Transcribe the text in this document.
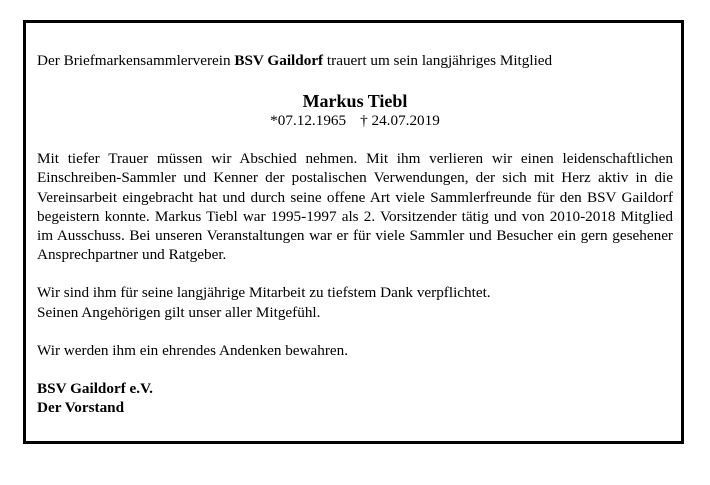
Der Briefmarkensammlerverein BSV Gaildorf trauert um sein langjähriges Mitglied

Markus Tiebl

*07.12.1965 † 24.07.2019

Mit tiefer Trauer müssen wir Abschied nehmen. Mit ihm verlieren wir einen leidenschaftlichen Einschreiben-Sammler und Kenner der postalischen Verwendungen, der sich mit Herz aktiv in die Vereinsarbeit eingebracht hat und durch seine offene Art viele Sammlerfreunde für den BSV Gaildorf begeistern konnte. Markus Tiebl war 1995-1997 als 2. Vorsitzender tätig und von 2010-2018 Mitglied im Ausschuss. Bei unseren Veranstaltungen war er für viele Sammler und Besucher ein gern gesehener Ansprechpartner und Ratgeber.

Wir sind ihm für seine langjährige Mitarbeit zu tiefstem Dank verpflichtet.
Seinen Angehörigen gilt unser aller Mitgefühl.

Wir werden ihm ein ehrendes Andenken bewahren.

BSV Gaildorf e.V.
Der Vorstand
